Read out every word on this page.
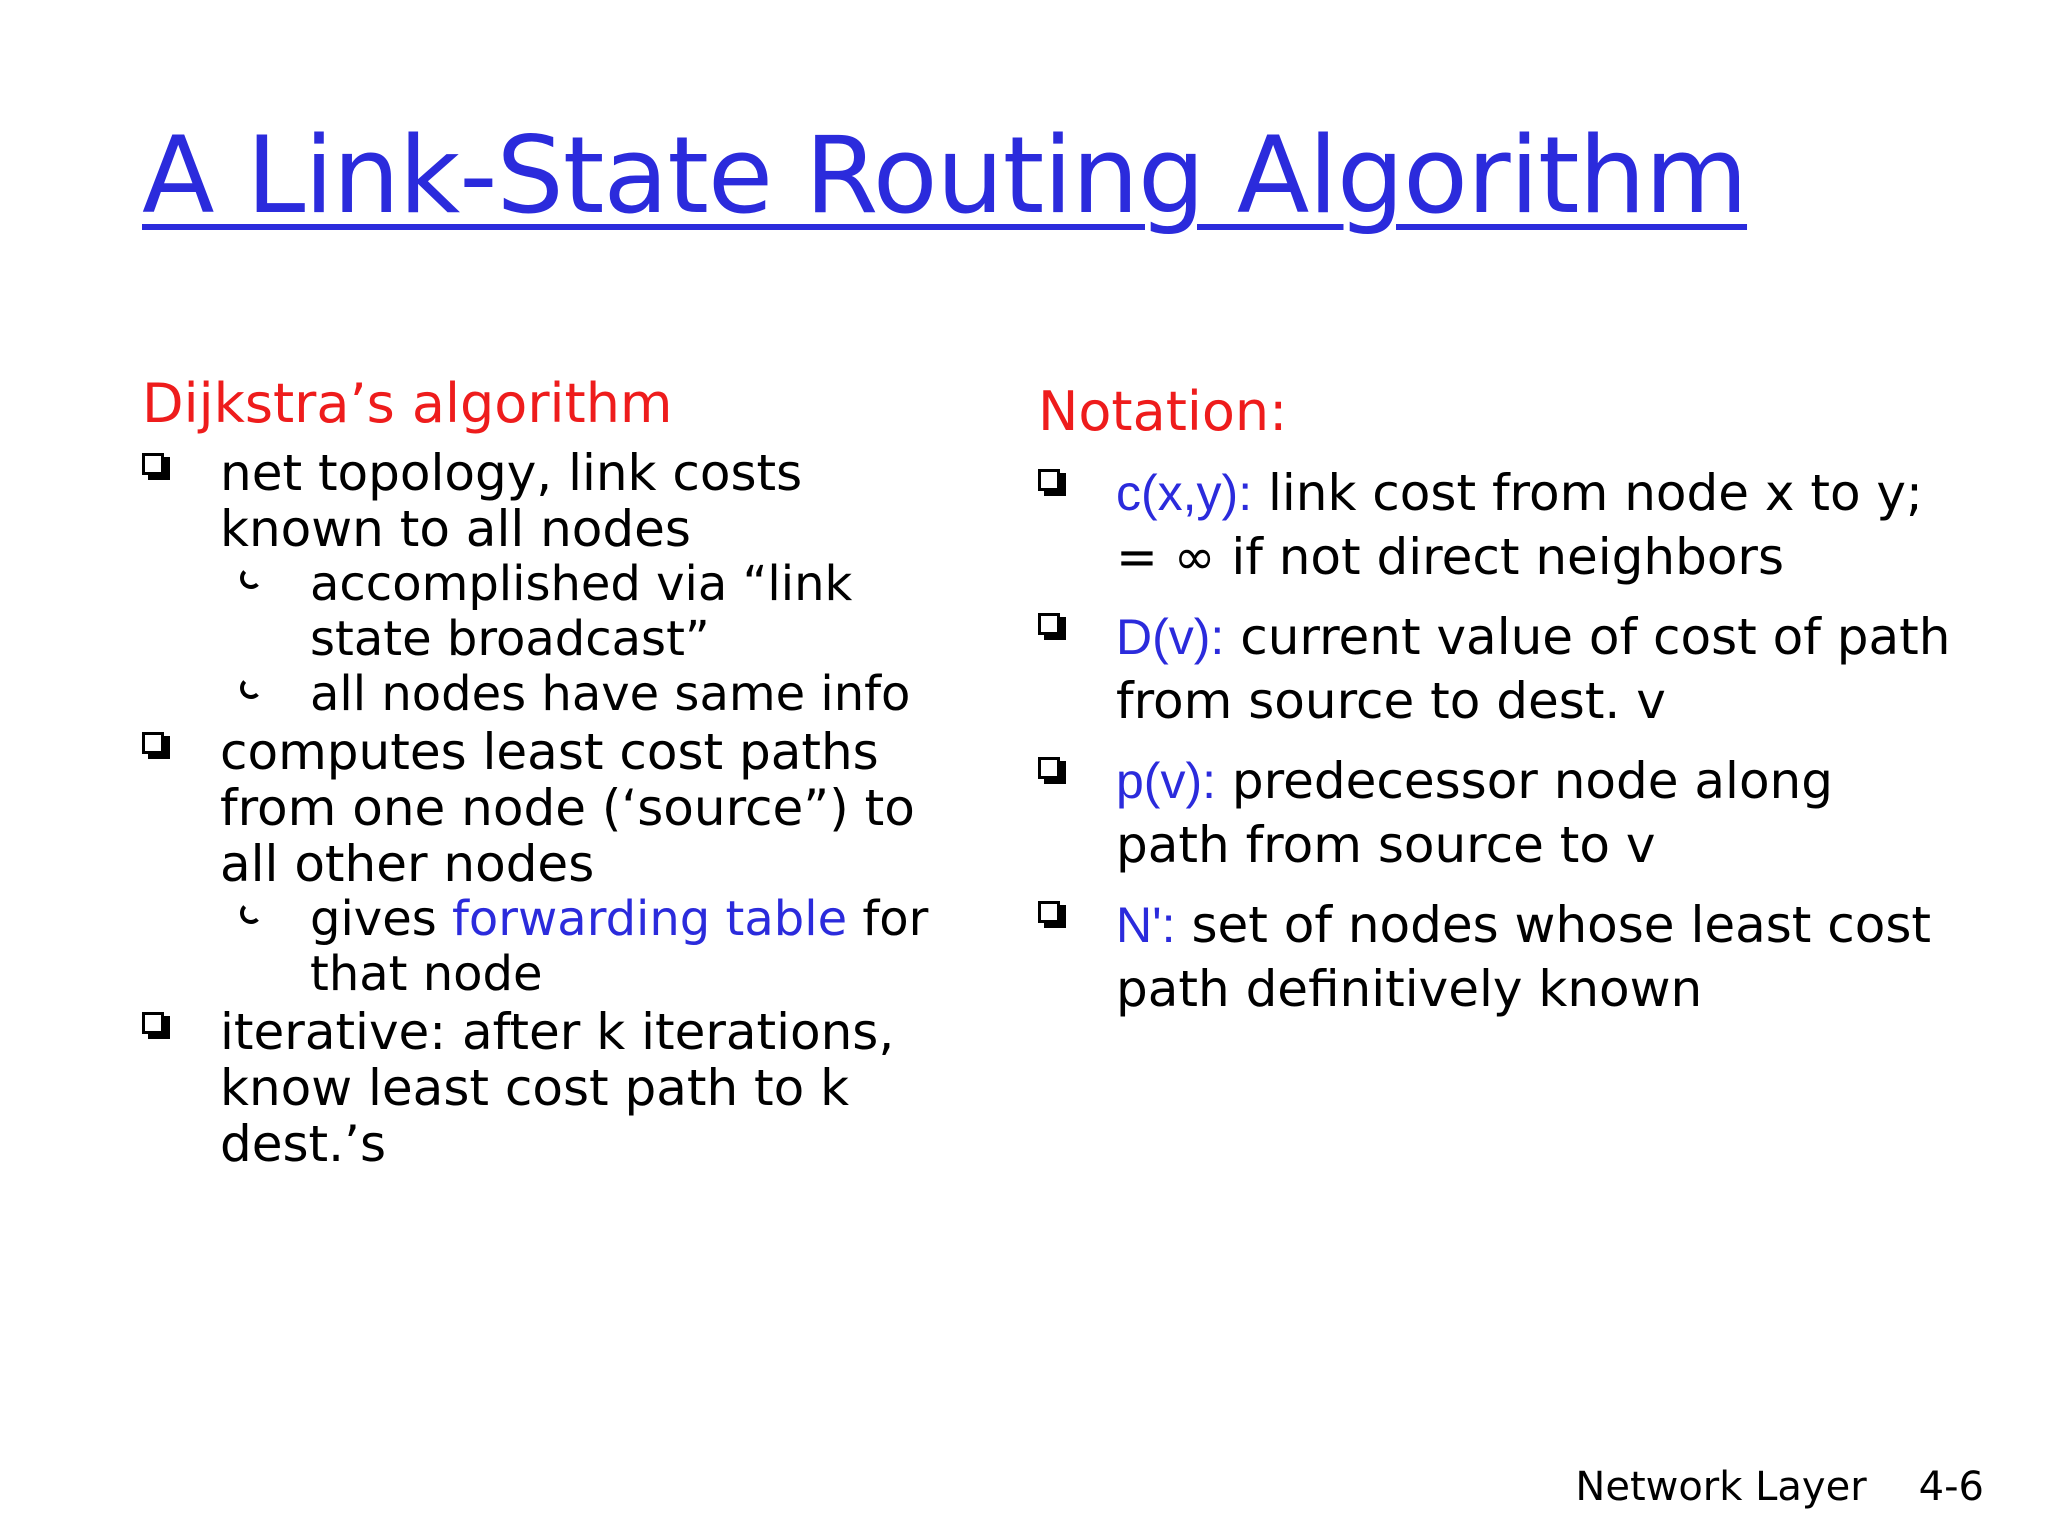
A Link-State Routing Algorithm
Dijkstra’s algorithm
net topology, link costs known to all nodes
accomplished via “link state broadcast”
all nodes have same info
computes least cost paths from one node (‘source”) to all other nodes
gives forwarding table for that node
iterative: after k iterations, know least cost path to k dest.’s
Notation:
c(x,y): link cost from node x to y; = ∞ if not direct neighbors
D(v): current value of cost of path from source to dest. v
p(v): predecessor node along path from source to v
N': set of nodes whose least cost path definitively known
Network Layer 4-6
